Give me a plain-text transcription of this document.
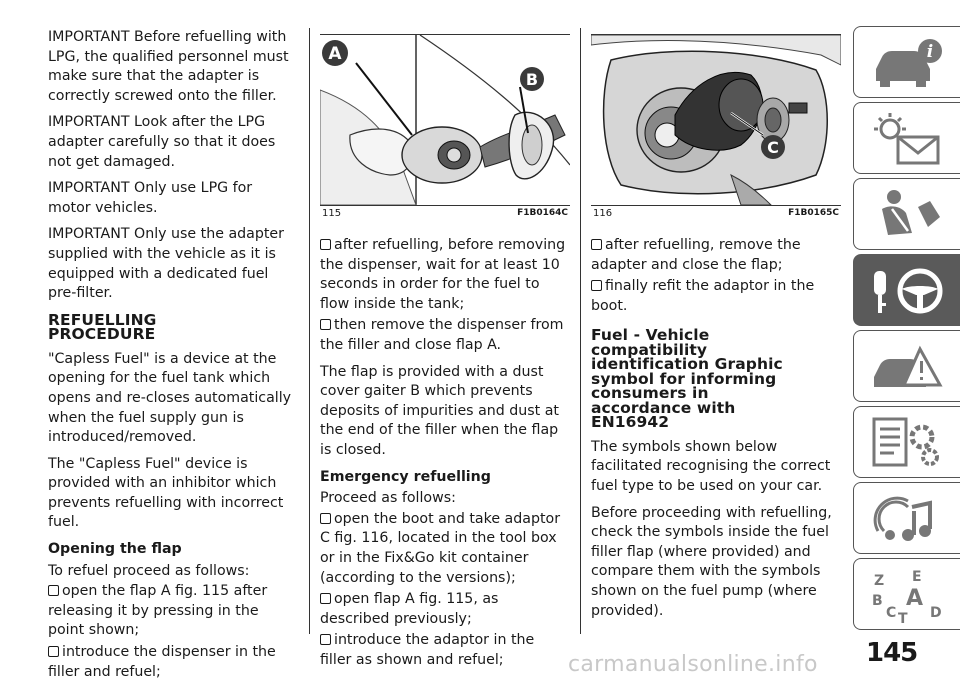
IMPORTANT Before refuelling with LPG, the qualified personnel must make sure that the adapter is correctly screwed onto the filler.

IMPORTANT Look after the LPG adapter carefully so that it does not get damaged.

IMPORTANT Only use LPG for motor vehicles.

IMPORTANT Only use the adapter supplied with the vehicle as it is equipped with a dedicated fuel pre-filter.

REFUELLING
PROCEDURE

"Capless Fuel" is a device at the opening for the fuel tank which opens and re-closes automatically when the fuel supply gun is introduced/removed.

The "Capless Fuel" device is provided with an inhibitor which prevents refuelling with incorrect fuel.

Opening the flap

To refuel proceed as follows:

open the flap A fig. 115 after releasing it by pressing in the point shown;
introduce the dispenser in the filler and refuel;
A
B
115	F1B0164C
C
116	F1B0165C
after refuelling, before removing the dispenser, wait for at least 10 seconds in order for the fuel to flow inside the tank;
then remove the dispenser from the filler and close flap A.

The flap is provided with a dust cover gaiter B which prevents deposits of impurities and dust at the end of the filler when the flap is closed.

Emergency refuelling

Proceed as follows:

open the boot and take adaptor C fig. 116, located in the tool box or in the Fix&Go kit container (according to the versions);
open flap A fig. 115, as described previously;
introduce the adaptor in the filler as shown and refuel;
after refuelling, remove the adapter and close the flap;
finally refit the adaptor in the boot.
Fuel - Vehicle
compatibility
identification Graphic
symbol for informing
consumers in
accordance with
EN16942

The symbols shown below facilitated recognising the correct fuel type to be used on your car.

Before proceeding with refuelling, check the symbols inside the fuel filler flap (where provided) and compare them with the symbols shown on the fuel pump (where provided).

i
Z E
B A
C T D
145
carmanualsonline.info
